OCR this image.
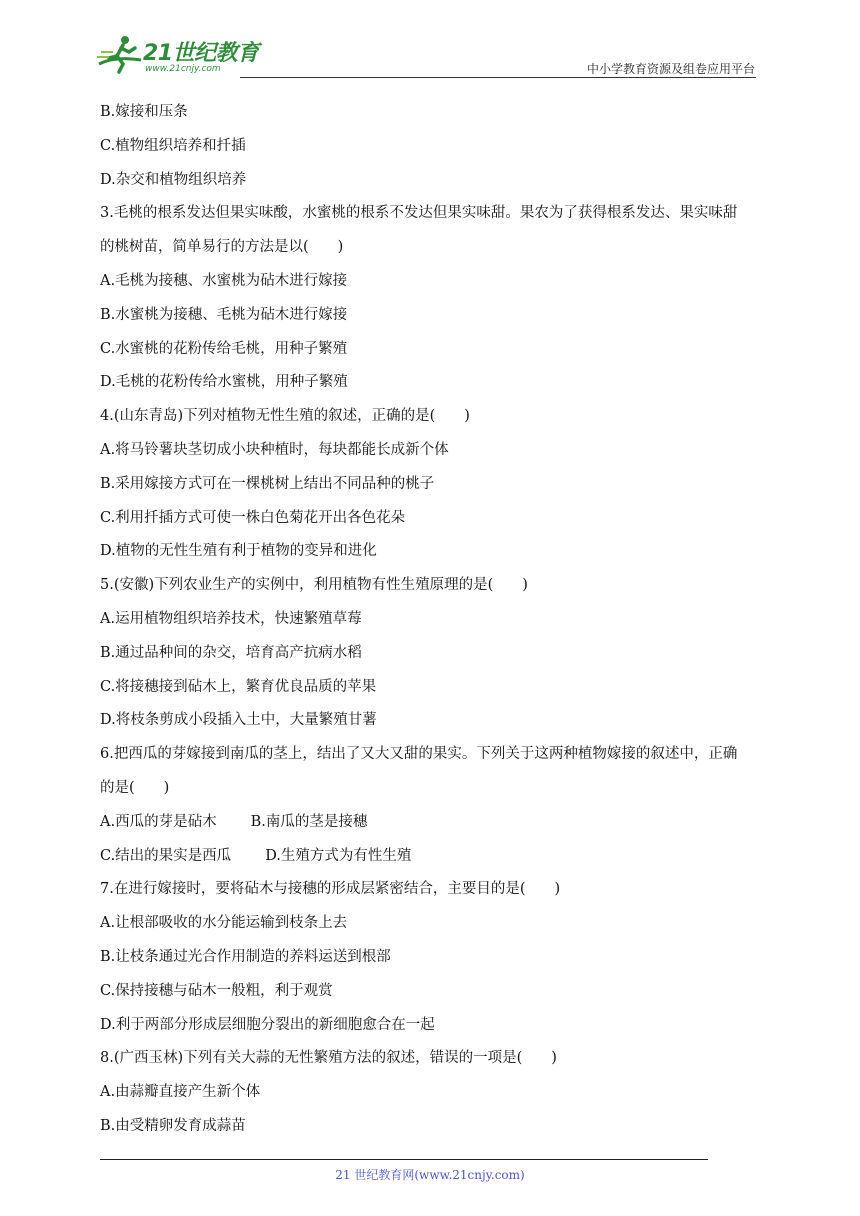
21世纪教育
www.21cnjy.com	中小学教育资源及组卷应用平台
B.嫁接和压条
C.植物组织培养和扦插
D.杂交和植物组织培养
3.毛桃的根系发达但果实味酸，水蜜桃的根系不发达但果实味甜。果农为了获得根系发达、果实味甜
的桃树苗，简单易行的方法是以(　　)
A.毛桃为接穗、水蜜桃为砧木进行嫁接
B.水蜜桃为接穗、毛桃为砧木进行嫁接
C.水蜜桃的花粉传给毛桃，用种子繁殖
D.毛桃的花粉传给水蜜桃，用种子繁殖
4.(山东青岛)下列对植物无性生殖的叙述，正确的是(　　)
A.将马铃薯块茎切成小块种植时，每块都能长成新个体
B.采用嫁接方式可在一棵桃树上结出不同品种的桃子
C.利用扦插方式可使一株白色菊花开出各色花朵
D.植物的无性生殖有利于植物的变异和进化
5.(安徽)下列农业生产的实例中，利用植物有性生殖原理的是(　　)
A.运用植物组织培养技术，快速繁殖草莓
B.通过品种间的杂交，培育高产抗病水稻
C.将接穗接到砧木上，繁育优良品质的苹果
D.将枝条剪成小段插入土中，大量繁殖甘薯
6.把西瓜的芽嫁接到南瓜的茎上，结出了又大又甜的果实。下列关于这两种植物嫁接的叙述中，正确
的是(　　)
A.西瓜的芽是砧木 B.南瓜的茎是接穗
C.结出的果实是西瓜 D.生殖方式为有性生殖
7.在进行嫁接时，要将砧木与接穗的形成层紧密结合，主要目的是(　　)
A.让根部吸收的水分能运输到枝条上去
B.让枝条通过光合作用制造的养料运送到根部
C.保持接穗与砧木一般粗，利于观赏
D.利于两部分形成层细胞分裂出的新细胞愈合在一起
8.(广西玉林)下列有关大蒜的无性繁殖方法的叙述，错误的一项是(　　)
A.由蒜瓣直接产生新个体
B.由受精卵发育成蒜苗
21 世纪教育网(www.21cnjy.com)
